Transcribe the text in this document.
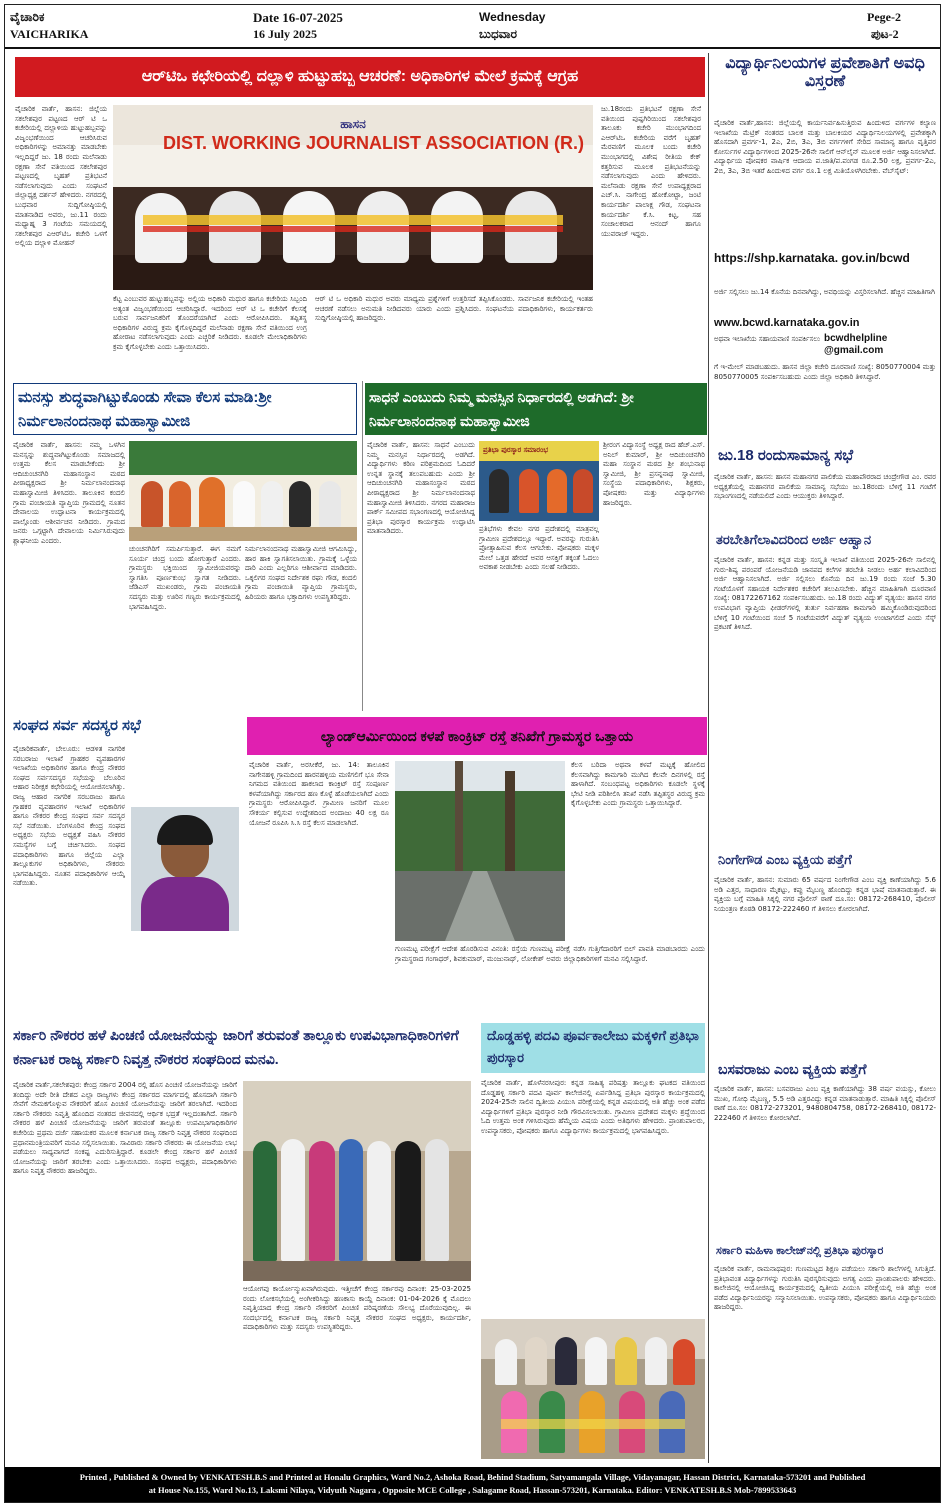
ವೈಚಾರಿಕ
VAICHARIKA
Date 16-07-2025
16 July 2025
Wednesday
ಬುಧವಾರ
Pege-2
ಪುಟ-2
ಆರ್‌ಟಿಒ ಕಛೇರಿಯಲ್ಲಿ ದಲ್ಲಾಳಿ ಹುಟ್ಟುಹಬ್ಬ ಆಚರಣೆ: ಅಧಿಕಾರಿಗಳ ಮೇಲೆ ಕ್ರಮಕ್ಕೆ ಆಗ್ರಹ
ವೈಚಾರಿಕ ವಾರ್ತೆ, ಹಾಸನ: ಜಿಲ್ಲೆಯ ಸಕಲೇಶಪುರ ಪಟ್ಟಣದ ಆರ್ ಟಿ ಒ ಕಚೇರಿಯಲ್ಲಿ ದಲ್ಲಾಳಿಯ ಹುಟ್ಟುಹಬ್ಬವನ್ನು ವಿಜೃಂಭಣೆಯಿಂದ ಆಚರಿಸಿರುವ ಅಧಿಕಾರಿಗಳನ್ನು ಅಮಾನತ್ತು ಮಾಡಬೇಕು ಇಲ್ಲದಿದ್ದರೆ ಜು. 18 ರಂದು ಮಲೆನಾಡು ರಕ್ಷಣಾ ಸೇನೆ ವತಿಯಿಂದ ಸಕಲೇಶಪುರ ಪಟ್ಟಣದಲ್ಲಿ ಬೃಹತ್ ಪ್ರತಿಭಟನೆ ನಡೆಸಲಾಗುವುದು ಎಂದು ಸಂಘಟನೆ ಜಿಲ್ಲಾಧ್ಯಕ್ಷ ದರ್ಶನ್ ಹೇಳಿದರು. ನಗರದಲ್ಲಿ ಬುಧವಾರ ಸುದ್ದಿಗೋಷ್ಠಿಯಲ್ಲಿ ಮಾತನಾಡಿದ ಅವರು, ಜು.11 ರಂದು ಮಧ್ಯಾಹ್ನ 3 ಗಂಟೆಯ ಸಮಯದಲ್ಲಿ ಸಕಲೇಶಪುರ ಎಆರ್‌ಟಿಒ ಕಚೇರಿ ಒಳಗೆ ಅಲ್ಲಿಯ ದಲ್ಲಾಳಿ ಮೋಹನ್
ಹಾಸನ
DIST. WORKING JOURNALIST ASSOCIATION (R.)
ಕೆಟ್ಟ ಎಂಬುವರ ಹುಟ್ಟುಹಬ್ಬವನ್ನು ಅಲ್ಲಿಯ ಅಧಿಕಾರಿ ಮಧುರ ಹಾಗೂ ಕಚೇರಿಯ ಸಿಬ್ಬಂದಿ ಅತ್ಯಂತ ವಿಜೃಂಭಣೆಯಿಂದ ಆಚರಿಸಿದ್ದಾರೆ. ಇದರಿಂದ ಆರ್ ಟಿ ಒ ಕಚೇರಿಗೆ ಕೆಲಸಕ್ಕೆ ಬರುವ ಸಾರ್ವಜನಿಕರಿಗೆ ತೊಂದರೆಯಾಗಿದೆ ಎಂದು ಆರೋಪಿಸಿದರು. ತಪ್ಪಿತಸ್ಥ ಅಧಿಕಾರಿಗಳ ವಿರುದ್ಧ ಕ್ರಮ ಕೈಗೊಳ್ಳದಿದ್ದರೆ ಮಲೆನಾಡು ರಕ್ಷಣಾ ಸೇನೆ ವತಿಯಿಂದ ಉಗ್ರ ಹೋರಾಟ ನಡೆಸಲಾಗುವುದು ಎಂದು ಎಚ್ಚರಿಕೆ ನೀಡಿದರು. ಕೂಡಲೇ ಮೇಲಾಧಿಕಾರಿಗಳು ಕ್ರಮ ಕೈಗೊಳ್ಳಬೇಕು ಎಂದು ಒತ್ತಾಯಿಸಿದರು.
ಆರ್ ಟಿ ಒ ಅಧಿಕಾರಿ ಮಧುರ ಅವರು ಮಾಧ್ಯಮ ಪ್ರಶ್ನೆಗಳಿಗೆ ಉತ್ತರಿಸದೆ ತಪ್ಪಿಸಿಕೊಂಡರು. ಸಾರ್ವಜನಿಕ ಕಚೇರಿಯಲ್ಲಿ ಇಂತಹ ಆಚರಣೆ ನಡೆಸಲು ಅನುಮತಿ ನೀಡಿದವರು ಯಾರು ಎಂದು ಪ್ರಶ್ನಿಸಿದರು. ಸಂಘಟನೆಯ ಪದಾಧಿಕಾರಿಗಳು, ಕಾರ್ಯಕರ್ತರು ಸುದ್ದಿಗೋಷ್ಠಿಯಲ್ಲಿ ಹಾಜರಿದ್ದರು.
ಜು.18ರಂದು ಪ್ರತಿಭಟನೆ ರಕ್ಷಣಾ ಸೇನೆ ವತಿಯಿಂದ ಪುಷ್ಪಗಿರಿಯಿಂದ ಸಕಲೇಶಪುರ ತಾಲೂಕು ಕಚೇರಿ ಮುಂಭಾಗದಿಂದ ಎಆರ್‌ಟಿಒ ಕಚೇರಿಯ ವರೆಗೆ ಬೃಹತ್ ಮೆರವಣಿಗೆ ಮೂಲಕ ಬಂದು ಕಚೇರಿ ಮುಂಭಾಗದಲ್ಲಿ ವಿಶೇಷ ರೀತಿಯ ಕೇಕ್ ಕತ್ತರಿಸುವ ಮೂಲಕ ಪ್ರತಿಭಟನೆಯನ್ನು ನಡೆಸಲಾಗುವುದು ಎಂದು ಹೇಳಿದರು. ಮಲೆನಾಡು ರಕ್ಷಣಾ ಸೇನೆ ಉಪಾಧ್ಯಕ್ಷರಾದ ಎಚ್.ಸಿ. ನಾಗೇಂದ್ರ ಹೋಕೋಟ್ಟಾ, ಜಂಟಿ ಕಾರ್ಯದರ್ಶಿ ಪಾಲಾಕ್ಷ ಗೌಡ, ಸಂಘಟನಾ ಕಾರ್ಯದರ್ಶಿ ಕೆ.ಸಿ. ಕಿಟ್ಟ, ಸಹ ಸಂಚಾಲಕರಾದ ಆನಂದ್ ಹಾಗೂ ಯುವರಾಜ್ ಇದ್ದರು.
ವಿದ್ಯಾರ್ಥಿನಿಲಯಗಳ ಪ್ರವೇಶಾತಿಗೆ ಅವಧಿ ವಿಸ್ತರಣೆ
ವೈಚಾರಿಕ ವಾರ್ತೆ,ಹಾಸನ: ಜಿಲ್ಲೆಯಲ್ಲಿ ಕಾರ್ಯನಿರ್ವಹಿಸುತ್ತಿರುವ ಹಿಂದುಳಿದ ವರ್ಗಗಳ ಕಲ್ಯಾಣ ಇಲಾಖೆಯ ಮೆಟ್ರಿಕ್ ನಂತರದ ಬಾಲಕ ಮತ್ತು ಬಾಲಕಿಯರ ವಿದ್ಯಾರ್ಥಿನಿಲಯಗಳಲ್ಲಿ ಪ್ರವೇಶಕ್ಕಾಗಿ ಹೊಸದಾಗಿ ಪ್ರವರ್ಗ-1, 2ಎ, 2ಬಿ, 3ಎ, 3ಬಿ ವರ್ಗಗಳಿಗೆ ಸೇರಿದ ಸಾಮಾನ್ಯ ಹಾಗೂ ವೃತ್ತಿಪರ ಕೋರ್ಸುಗಳ ವಿದ್ಯಾರ್ಥಿಗಳಿಂದ 2025-26ನೇ ಸಾಲಿಗೆ ಆನ್‌ಲೈನ್ ಮೂಲಕ ಅರ್ಜಿ ಆಹ್ವಾನಿಸಲಾಗಿದೆ. ವಿದ್ಯಾರ್ಥಿಯ ಪೋಷಕರ ವಾರ್ಷಿಕ ಆದಾಯ ಪ.ಜಾತಿ/ಪ.ಪಂಗಡ ರೂ.2.50 ಲಕ್ಷ, ಪ್ರವರ್ಗ-2ಎ, 2ಬಿ, 3ಎ, 3ಬಿ ಇತರೆ ಹಿಂದುಳಿದ ವರ್ಗ ರೂ.1 ಲಕ್ಷ ಮಿತಿಯೊಳಗಿರಬೇಕು. ವೆಬ್‌ಸೈಟ್:
https://shp.karnataka. gov.in/bcwd
ಅರ್ಜಿ ಸಲ್ಲಿಸಲು ಜು.14 ಕೊನೆಯ ದಿನವಾಗಿದ್ದು, ಅವಧಿಯನ್ನು ವಿಸ್ತರಿಸಲಾಗಿದೆ. ಹೆಚ್ಚಿನ ಮಾಹಿತಿಗಾಗಿ
www.bcwd.karnataka.gov.in
ಅಥವಾ ಇಲಾಖೆಯ ಸಹಾಯವಾಣಿ ಸಂಪರ್ಕಿಸಲು bcwdhelpline @gmail.com
ಗೆ ಇ-ಮೇಲ್ ಮಾಡಬಹುದು. ಹಾಸನ ಜಿಲ್ಲಾ ಕಚೇರಿ ದೂರವಾಣಿ ಸಂಖ್ಯೆ: 8050770004 ಮತ್ತು 8050770005 ಸಂಪರ್ಕಿಸಬಹುದು ಎಂದು ಜಿಲ್ಲಾ ಅಧಿಕಾರಿ ತಿಳಿಸಿದ್ದಾರೆ.
ಜು.18 ರಂದುಸಾಮಾನ್ಯ ಸಭೆ
ವೈಚಾರಿಕ ವಾರ್ತೆ, ಹಾಸನ: ಹಾಸನ ಮಹಾನಗರ ಪಾಲಿಕೆಯ ಮಹಾಪೌರರಾದ ಚಂದ್ರೇಗೌಡ ಎಂ. ರವರ ಅಧ್ಯಕ್ಷತೆಯಲ್ಲಿ ಮಹಾನಗರ ಪಾಲಿಕೆಯ ಸಾಮಾನ್ಯ ಸಭೆಯು ಜು.18ರಂದು ಬೆಳಿಗ್ಗೆ 11 ಗಂಟೆಗೆ ಸಭಾಂಗಣದಲ್ಲಿ ನಡೆಯಲಿದೆ ಎಂದು ಆಯುಕ್ತರು ತಿಳಿಸಿದ್ದಾರೆ.
ತರಬೇತಿಗೆಲಾವಿದರಿಂದ ಅರ್ಜಿ ಆಹ್ವಾನ
ವೈಚಾರಿಕ ವಾರ್ತೆ, ಹಾಸನ: ಕನ್ನಡ ಮತ್ತು ಸಂಸ್ಕೃತಿ ಇಲಾಖೆ ವತಿಯಿಂದ 2025-26ನೇ ಸಾಲಿನಲ್ಲಿ ಗುರು-ಶಿಷ್ಯ ಪರಂಪರೆ ಯೋಜನೆಯಡಿ ಜಾನಪದ ಕಲೆಗಳ ತರಬೇತಿ ನೀಡಲು ಅರ್ಹ ಕಲಾವಿದರಿಂದ ಅರ್ಜಿ ಆಹ್ವಾನಿಸಲಾಗಿದೆ. ಅರ್ಜಿ ಸಲ್ಲಿಸಲು ಕೊನೆಯ ದಿನ ಜು.19 ರಂದು ಸಂಜೆ 5.30 ಗಂಟೆಯೊಳಗೆ ಸಹಾಯಕ ನಿರ್ದೇಶಕರ ಕಚೇರಿಗೆ ತಲುಪಿಸಬೇಕು. ಹೆಚ್ಚಿನ ಮಾಹಿತಿಗಾಗಿ ದೂರವಾಣಿ ಸಂಖ್ಯೆ: 08172267162 ಸಂಪರ್ಕಿಸಬಹುದು. ಜು.18 ರಂದು ವಿದ್ಯುತ್ ವ್ಯತ್ಯಯ: ಹಾಸನ ನಗರ ಉಪವಿಭಾಗ ವ್ಯಾಪ್ತಿಯ ಫೀಡರ್‌ಗಳಲ್ಲಿ ತುರ್ತು ನಿರ್ವಹಣಾ ಕಾಮಗಾರಿ ಹಮ್ಮಿಕೊಂಡಿರುವುದರಿಂದ ಬೆಳಿಗ್ಗೆ 10 ಗಂಟೆಯಿಂದ ಸಂಜೆ 5 ಗಂಟೆಯವರೆಗೆ ವಿದ್ಯುತ್ ವ್ಯತ್ಯಯ ಉಂಟಾಗಲಿದೆ ಎಂದು ಸೆಸ್ಕ್ ಪ್ರಕಟಣೆ ತಿಳಿಸಿದೆ.
ನಿಂಗೇಗೌಡ ಎಂಬ ವ್ಯಕ್ತಿಯ ಪತ್ತೆಗೆ
ವೈಚಾರಿಕ ವಾರ್ತೆ, ಹಾಸನ: ಸುಮಾರು 65 ವರ್ಷದ ನಿಂಗೇಗೌಡ ಎಂಬ ವ್ಯಕ್ತಿ ಕಾಣೆಯಾಗಿದ್ದು 5.6 ಅಡಿ ಎತ್ತರ, ಸಾಧಾರಣ ಮೈಕಟ್ಟು, ಕಪ್ಪು ಮೈಬಣ್ಣ ಹೊಂದಿದ್ದು ಕನ್ನಡ ಭಾಷೆ ಮಾತನಾಡುತ್ತಾರೆ. ಈ ವ್ಯಕ್ತಿಯ ಬಗ್ಗೆ ಮಾಹಿತಿ ಸಿಕ್ಕಲ್ಲಿ ನಗರ ಪೊಲೀಸ್ ಠಾಣೆ ದೂ.ಸಂ: 08172-268410, ಪೊಲೀಸ್ ನಿಯಂತ್ರಣ ಕೊಠಡಿ 08172-222460 ಗೆ ತಿಳಿಸಲು ಕೋರಲಾಗಿದೆ.
ಬಸವರಾಜು ಎಂಬ ವ್ಯಕ್ತಿಯ ಪತ್ತೆಗೆ
ವೈಚಾರಿಕ ವಾರ್ತೆ, ಹಾಸನ: ಬಸವರಾಜು ಎಂಬ ವ್ಯಕ್ತಿ ಕಾಣೆಯಾಗಿದ್ದು 38 ವರ್ಷ ವಯಸ್ಸು, ಕೋಲು ಮುಖ, ಗೋಧಿ ಮೈಬಣ್ಣ, 5.5 ಅಡಿ ಎತ್ತರವಿದ್ದು ಕನ್ನಡ ಮಾತನಾಡುತ್ತಾರೆ. ಮಾಹಿತಿ ಸಿಕ್ಕಲ್ಲಿ ಪೊಲೀಸ್ ಠಾಣೆ ದೂ.ಸಂ: 08172-273201, 9480804758, 08172-268410, 08172-222460 ಗೆ ತಿಳಿಸಲು ಕೋರಲಾಗಿದೆ.
ಸರ್ಕಾರಿ ಮಹಿಳಾ ಕಾಲೇಜ್‌ನಲ್ಲಿ ಪ್ರತಿಭಾ ಪುರಸ್ಕಾರ
ವೈಚಾರಿಕ ವಾರ್ತೆ, ರಾಮನಾಥಪುರ: ಗುಣಮಟ್ಟದ ಶಿಕ್ಷಣ ಪಡೆಯಲು ಸರ್ಕಾರಿ ಶಾಲೆಗಳಲ್ಲಿ ಸಿಗುತ್ತಿದೆ. ಪ್ರತಿಭಾವಂತ ವಿದ್ಯಾರ್ಥಿಗಳನ್ನು ಗುರುತಿಸಿ ಪುರಸ್ಕರಿಸುವುದು ಅಗತ್ಯ ಎಂದು ಪ್ರಾಂಶುಪಾಲರು ಹೇಳಿದರು. ಕಾಲೇಜಿನಲ್ಲಿ ಆಯೋಜಿಸಿದ್ದ ಕಾರ್ಯಕ್ರಮದಲ್ಲಿ ದ್ವಿತೀಯ ಪಿಯುಸಿ ಪರೀಕ್ಷೆಯಲ್ಲಿ ಅತಿ ಹೆಚ್ಚು ಅಂಕ ಪಡೆದ ವಿದ್ಯಾರ್ಥಿನಿಯರನ್ನು ಸನ್ಮಾನಿಸಲಾಯಿತು. ಉಪನ್ಯಾಸಕರು, ಪೋಷಕರು ಹಾಗೂ ವಿದ್ಯಾರ್ಥಿನಿಯರು ಹಾಜರಿದ್ದರು.
ಮನಸ್ಸು ಶುದ್ಧವಾಗಿಟ್ಟುಕೊಂಡು ಸೇವಾ ಕೆಲಸ ಮಾಡಿ:ಶ್ರೀ ನಿರ್ಮಲಾನಂದನಾಥ ಮಹಾಸ್ವಾಮೀಜಿ
ವೈಚಾರಿಕ ವಾರ್ತೆ, ಹಾಸನ: ನಮ್ಮ ಒಳಗಿನ ಮನಸ್ಸನ್ನು ಶುದ್ಧವಾಗಿಟ್ಟುಕೊಂಡು ಸಮಾಜದಲ್ಲಿ ಉತ್ತಮ ಕೆಲಸ ಮಾಡಬೇಕೆಂದು ಶ್ರೀ ಆದಿಚುಂಚನಗಿರಿ ಮಹಾಸಂಸ್ಥಾನ ಮಠದ ಪೀಠಾಧ್ಯಕ್ಷರಾದ ಶ್ರೀ ನಿರ್ಮಲಾನಂದನಾಥ ಮಹಾಸ್ವಾಮೀಜಿ ತಿಳಿಸಿದರು. ತಾಲೂಕಿನ ಕಂದಲಿ ಗ್ರಾಮ ಪಂಚಾಯತಿ ವ್ಯಾಪ್ತಿಯ ಗ್ರಾಮದಲ್ಲಿ ನೂತನ ದೇವಾಲಯ ಉದ್ಘಾಟನಾ ಕಾರ್ಯಕ್ರಮದಲ್ಲಿ ಪಾಲ್ಗೊಂಡು ಆಶೀರ್ವಚನ ನೀಡಿದರು. ಗ್ರಾಮದ ಜನರು ಒಗ್ಗಟ್ಟಾಗಿ ದೇವಾಲಯ ನಿರ್ಮಿಸಿರುವುದು ಶ್ಲಾಘನೀಯ ಎಂದರು.
ಚುಂಚನಗಿರಿಗೆ ಸಮರ್ಪಿಸುತ್ತಾರೆ. ಈಗ ನಮಗೆ ಸೂರ್ಯ ಚಂದ್ರ ಬಂದು ಹೋಗುತ್ತಾರೆ ಎಂದರು. ಗ್ರಾಮಸ್ಥರು ಭಕ್ತಿಯಿಂದ ಸ್ವಾಮೀಜಿಯವರನ್ನು ಸ್ವಾಗತಿಸಿ ಪೂರ್ಣಕುಂಭ ಸ್ವಾಗತ ನೀಡಿದರು. ಜೆಡಿಎಸ್ ಮುಖಂಡರು, ಗ್ರಾಮ ಪಂಚಾಯತಿ ಸದಸ್ಯರು ಮತ್ತು ಊರಿನ ಗಣ್ಯರು ಕಾರ್ಯಕ್ರಮದಲ್ಲಿ ಭಾಗವಹಿಸಿದ್ದರು.
ನಿರ್ಮಲಾನಂದನಾಥ ಮಹಾಸ್ವಾಮೀಜಿ ಆಗಮಿಸಿದ್ದು, ಹಾರ ಹಾಕಿ ಸ್ವಾಗತಿಸಲಾಯಿತು. ಗ್ರಾಮಕ್ಕೆ ಒಳ್ಳೆಯ ದಾರಿ ಎಂದು ಎಲ್ಲರಿಗೂ ಆಶೀರ್ವಾದ ಮಾಡಿದರು. ಒಕ್ಕಲಿಗರ ಸಂಘದ ನಿರ್ದೇಶಕ ರಘು ಗೌಡ, ಕಂದಲಿ ಗ್ರಾಮ ಪಂಚಾಯಿತಿ ವ್ಯಾಪ್ತಿಯ ಗ್ರಾಮಸ್ಥರು, ಹಿರಿಯರು ಹಾಗೂ ಭಕ್ತಾದಿಗಳು ಉಪಸ್ಥಿತರಿದ್ದರು.
ಸಾಧನೆ ಎಂಬುದು ನಿಮ್ಮ ಮನಸ್ಸಿನ ನಿರ್ಧಾರದಲ್ಲಿ ಅಡಗಿದೆ: ಶ್ರೀ ನಿರ್ಮಲಾನಂದನಾಥ ಮಹಾಸ್ವಾಮೀಜಿ
ವೈಚಾರಿಕ ವಾರ್ತೆ, ಹಾಸನ: ಸಾಧನೆ ಎಂಬುದು ನಿಮ್ಮ ಮನಸ್ಸಿನ ನಿರ್ಧಾರದಲ್ಲಿ ಅಡಗಿದೆ. ವಿದ್ಯಾರ್ಥಿಗಳು ಕಠಿಣ ಪರಿಶ್ರಮದಿಂದ ಓದಿದರೆ ಉನ್ನತ ಸ್ಥಾನಕ್ಕೆ ತಲುಪಬಹುದು ಎಂದು ಶ್ರೀ ಆದಿಚುಂಚನಗಿರಿ ಮಹಾಸಂಸ್ಥಾನ ಮಠದ ಪೀಠಾಧ್ಯಕ್ಷರಾದ ಶ್ರೀ ನಿರ್ಮಲಾನಂದನಾಥ ಮಹಾಸ್ವಾಮೀಜಿ ತಿಳಿಸಿದರು. ನಗರದ ಮಹಾರಾಜ ಪಾರ್ಕ್ ಸಮೀಪದ ಸಭಾಂಗಣದಲ್ಲಿ ಆಯೋಜಿಸಿದ್ದ ಪ್ರತಿಭಾ ಪುರಸ್ಕಾರ ಕಾರ್ಯಕ್ರಮ ಉದ್ಘಾಟಿಸಿ ಮಾತನಾಡಿದರು.
ಪ್ರತಿಭಾ ಪುರಸ್ಕಾರ ಸಮಾರಂಭ
ಪ್ರತಿಭೆಗಳು ಕೇವಲ ನಗರ ಪ್ರದೇಶದಲ್ಲಿ ಮಾತ್ರವಲ್ಲ ಗ್ರಾಮೀಣ ಪ್ರದೇಶದಲ್ಲೂ ಇದ್ದಾರೆ. ಅವರನ್ನು ಗುರುತಿಸಿ ಪ್ರೋತ್ಸಾಹಿಸುವ ಕೆಲಸ ಆಗಬೇಕು. ಪೋಷಕರು ಮಕ್ಕಳ ಮೇಲೆ ಒತ್ತಡ ಹೇರದೆ ಅವರ ಆಸಕ್ತಿಗೆ ತಕ್ಕಂತೆ ಓದಲು ಅವಕಾಶ ನೀಡಬೇಕು ಎಂದು ಸಲಹೆ ನೀಡಿದರು.
ಶ್ರೀರಂಗ ವಿದ್ಯಾಸಂಸ್ಥೆ ಅಧ್ಯಕ್ಷ ರಾದ ಹೆಚ್.ಎಸ್. ಅನಿಲ್ ಕುಮಾರ್, ಶ್ರೀ ಆದಿಚುಂಚನಗಿರಿ ಮಹಾ ಸಂಸ್ಥಾನ ಮಠದ ಶ್ರೀ ಶಂಭುನಾಥ ಸ್ವಾಮೀಜಿ, ಶ್ರೀ ಪ್ರಸನ್ನನಾಥ ಸ್ವಾಮೀಜಿ, ಸಂಸ್ಥೆಯ ಪದಾಧಿಕಾರಿಗಳು, ಶಿಕ್ಷಕರು, ಪೋಷಕರು ಮತ್ತು ವಿದ್ಯಾರ್ಥಿಗಳು ಹಾಜರಿದ್ದರು.
ಸಂಘದ ಸರ್ವ ಸದಸ್ಯರ ಸಭೆ
ವೈಚಾರಿಕವಾರ್ತೆ, ಬೇಲೂರು: ಆಡಳಿತ ನಾಗರಿಕ ಸರಬರಾಜು ಇಲಾಖೆ ಗ್ರಾಹಕರ ವ್ಯವಹಾರಗಳ ಇಲಾಖೆಯ ಅಧಿಕಾರಿಗಳ ಹಾಗೂ ಕೇಂದ್ರ ನೌಕರರ ಸಂಘದ ಸರ್ವಸದಸ್ಯರ ಸಭೆಯನ್ನು ಬೆಲೂರಿನ ಆಹಾರ ನಿರೀಕ್ಷಕ ಕಛೇರಿಯಲ್ಲಿ ಆಯೋಜಿಸಲಾಗಿತ್ತು. ರಾಜ್ಯ ಆಹಾರ ನಾಗರಿಕ ಸರಬರಾಜು ಹಾಗೂ ಗ್ರಾಹಕರ ವ್ಯವಹಾರಗಳ ಇಲಾಖೆ ಅಧಿಕಾರಿಗಳ ಹಾಗೂ ನೌಕರರ ಕೇಂದ್ರ ಸಂಘದ ಸರ್ವ ಸದಸ್ಯರ ಸಭೆ ನಡೆಯಿತು. ಬೆಂಗಳೂರಿನ ಕೇಂದ್ರ ಸಂಘದ ಅಧ್ಯಕ್ಷರು ಸಭೆಯ ಅಧ್ಯಕ್ಷತೆ ವಹಿಸಿ ನೌಕರರ ಸಮಸ್ಯೆಗಳ ಬಗ್ಗೆ ಚರ್ಚಿಸಿದರು. ಸಂಘದ ಪದಾಧಿಕಾರಿಗಳು ಹಾಗೂ ಜಿಲ್ಲೆಯ ಎಲ್ಲಾ ತಾಲ್ಲೂಕುಗಳ ಅಧಿಕಾರಿಗಳು, ನೌಕರರು ಭಾಗವಹಿಸಿದ್ದರು. ನೂತನ ಪದಾಧಿಕಾರಿಗಳ ಆಯ್ಕೆ ನಡೆಯಿತು.
ಲ್ಯಾಂಡ್‌ಆರ್ಮಿಯಿಂದ ಕಳಪೆ ಕಾಂಕ್ರಿಟ್ ರಸ್ತೆ ತನಿಖೆಗೆ ಗ್ರಾಮಸ್ಥರ ಒತ್ತಾಯ
ವೈಚಾರಿಕ ವಾರ್ತೆ, ಅರಸೀಕೆರೆ, ಜು. 14: ತಾಲೂಕಿನ ನಾಗೇನಹಳ್ಳಿ ಗ್ರಾಮದಿಂದ ಹಾರನಹಳ್ಳಿಯ ಮಣಿಗಲಿಗೆ ಭೂ ಸೇನಾ ನಿಗಮದ ವತಿಯಿಂದ ಹಾಕಲಾದ ಕಾಂಕ್ರಿಟ್ ರಸ್ತೆ ಸಂಪೂರ್ಣ ಕಳಪೆಯಾಗಿದ್ದು ಸರ್ಕಾರದ ಹಣ ಕೊಳ್ಳೆ ಹೊಡೆಯಲಾಗಿದೆ ಎಂದು ಗ್ರಾಮಸ್ಥರು ಆರೋಪಿಸಿದ್ದಾರೆ. ಗ್ರಾಮೀಣ ಜನರಿಗೆ ಮೂಲ ಸೌಕರ್ಯ ಕಲ್ಪಿಸುವ ಉದ್ದೇಶದಿಂದ ಅಂದಾಜು 40 ಲಕ್ಷ ರೂ ಯೋಜನೆ ರೂಪಿಸಿ ಸಿ.ಸಿ ರಸ್ತೆ ಕೆಲಸ ಮಾಡಲಾಗಿದೆ.
ಕೆಲಸ ಬರಿದಾ ಅಥವಾ ಕಳಪೆ ಮಟ್ಟಕ್ಕೆ ಹೋಲಿದ ಕೆಲಸವಾಗಿದ್ದು ಕಾಮಗಾರಿ ಮುಗಿದ ಕೆಲವೇ ದಿನಗಳಲ್ಲಿ ರಸ್ತೆ ಹಾಳಾಗಿದೆ. ಸಂಬಂಧಪಟ್ಟ ಅಧಿಕಾರಿಗಳು ಕೂಡಲೇ ಸ್ಥಳಕ್ಕೆ ಭೇಟಿ ನೀಡಿ ಪರಿಶೀಲಿಸಿ ತನಿಖೆ ನಡೆಸಿ ತಪ್ಪಿತಸ್ಥರ ವಿರುದ್ಧ ಕ್ರಮ ಕೈಗೊಳ್ಳಬೇಕು ಎಂದು ಗ್ರಾಮಸ್ಥರು ಒತ್ತಾಯಿಸಿದ್ದಾರೆ.
ಗುಣಮಟ್ಟ ಪರೀಕ್ಷೆಗೆ ಆದೇಶ ಹೊರಡಿಸುವ ವಿನಂತಿ: ರಸ್ತೆಯ ಗುಣಮಟ್ಟ ಪರೀಕ್ಷೆ ನಡೆಸಿ ಗುತ್ತಿಗೆದಾರರಿಗೆ ಬಿಲ್ ಪಾವತಿ ಮಾಡಬಾರದು ಎಂದು ಗ್ರಾಮಸ್ಥರಾದ ಗಂಗಾಧರ್, ಶಿವಕುಮಾರ್, ಮಂಜುನಾಥ್, ಲೋಕೇಶ್ ಅವರು ಜಿಲ್ಲಾಧಿಕಾರಿಗಳಿಗೆ ಮನವಿ ಸಲ್ಲಿಸಿದ್ದಾರೆ.
ಸರ್ಕಾರಿ ನೌಕರರ ಹಳೆ ಪಿಂಚಣಿ ಯೋಜನೆಯನ್ನು ಜಾರಿಗೆ ತರುವಂತೆ ತಾಲ್ಲೂಕು ಉಪವಿಭಾಗಾಧಿಕಾರಿಗಳಿಗೆ ಕರ್ನಾಟಕ ರಾಜ್ಯ ಸರ್ಕಾರಿ ನಿವೃತ್ತ ನೌಕರರ ಸಂಘದಿಂದ ಮನವಿ.
ವೈಚಾರಿಕ ವಾರ್ತೆ,ಸಕಲೇಶಪುರ: ಕೇಂದ್ರ ಸರ್ಕಾರ 2004 ರಲ್ಲಿ ಹೊಸ ಪಿಂಚಣಿ ಯೋಜನೆಯನ್ನು ಜಾರಿಗೆ ತಂದಿದ್ದು ಅದೇ ರೀತಿ ದೇಶದ ಎಲ್ಲಾ ರಾಜ್ಯಗಳು ಕೇಂದ್ರ ಸರ್ಕಾರದ ಮಾರ್ಗದಲ್ಲಿ ಹೊಸದಾಗಿ ಸರ್ಕಾರಿ ಸೇವೆಗೆ ನೇಮಕಗೊಳ್ಳುವ ನೌಕರರಿಗೆ ಹೊಸ ಪಿಂಚಣಿ ಯೋಜನೆಯನ್ನು ಜಾರಿಗೆ ತರಲಾಗಿದೆ. ಇದರಿಂದ ಸರ್ಕಾರಿ ನೌಕರರು ನಿವೃತ್ತಿ ಹೊಂದಿದ ನಂತರದ ಜೀವನದಲ್ಲಿ ಆರ್ಥಿಕ ಭದ್ರತೆ ಇಲ್ಲದಂತಾಗಿದೆ. ಸರ್ಕಾರಿ ನೌಕರರ ಹಳೆ ಪಿಂಚಣಿ ಯೋಜನೆಯನ್ನು ಜಾರಿಗೆ ತರುವಂತೆ ತಾಲ್ಲೂಕು ಉಪವಿಭಾಗಾಧಿಕಾರಿಗಳ ಕಚೇರಿಯ ಪ್ರಥಮ ದರ್ಜೆ ಸಹಾಯಕರ ಮೂಲಕ ಕರ್ನಾಟಕ ರಾಜ್ಯ ಸರ್ಕಾರಿ ನಿವೃತ್ತ ನೌಕರರ ಸಂಘದಿಂದ ಪ್ರಧಾನಮಂತ್ರಿಯವರಿಗೆ ಮನವಿ ಸಲ್ಲಿಸಲಾಯಿತು. ಸಾವಿರಾರು ಸರ್ಕಾರಿ ನೌಕರರು ಈ ಯೋಜನೆಯ ಲಾಭ ಪಡೆಯಲು ಸಾಧ್ಯವಾಗದೆ ಸಂಕಷ್ಟ ಎದುರಿಸುತ್ತಿದ್ದಾರೆ. ಕೂಡಲೇ ಕೇಂದ್ರ ಸರ್ಕಾರ ಹಳೆ ಪಿಂಚಣಿ ಯೋಜನೆಯನ್ನು ಜಾರಿಗೆ ತರಬೇಕು ಎಂದು ಒತ್ತಾಯಿಸಿದರು. ಸಂಘದ ಅಧ್ಯಕ್ಷರು, ಪದಾಧಿಕಾರಿಗಳು ಹಾಗೂ ನಿವೃತ್ತ ನೌಕರರು ಹಾಜರಿದ್ದರು.
ಆಯೋಗವು ಕಾರ್ಯೋನ್ಮುಖವಾಗಿರುವುದು. ಇತ್ತೀಚೆಗೆ ಕೇಂದ್ರ ಸರ್ಕಾರವು ದಿನಾಂಕ: 25-03-2025 ರಂದು ಲೋಕಸಭೆಯಲ್ಲಿ ಅಂಗೀಕರಿಸಿದ್ದು ಹಣಕಾಸು ಕಾಯ್ದೆ ದಿನಾಂಕ: 01-04-2026 ಕ್ಕೆ ಮೊದಲು ನಿವೃತ್ತಿಯಾದ ಕೇಂದ್ರ ಸರ್ಕಾರಿ ನೌಕರರಿಗೆ ಪಿಂಚಣಿ ಪರಿಷ್ಕರಣೆಯ ಸೌಲಭ್ಯ ದೊರೆಯುವುದಿಲ್ಲ. ಈ ಸಂದರ್ಭದಲ್ಲಿ ಕರ್ನಾಟಕ ರಾಜ್ಯ ಸರ್ಕಾರಿ ನಿವೃತ್ತ ನೌಕರರ ಸಂಘದ ಅಧ್ಯಕ್ಷರು, ಕಾರ್ಯದರ್ಶಿ, ಪದಾಧಿಕಾರಿಗಳು ಮತ್ತು ಸದಸ್ಯರು ಉಪಸ್ಥಿತರಿದ್ದರು.
ದೊಡ್ಡಹಳ್ಳಿ ಪದವಿ ಪೂರ್ವಕಾಲೇಜು ಮಕ್ಕಳಿಗೆ ಪ್ರತಿಭಾ ಪುರಸ್ಕಾರ
ವೈಚಾರಿಕ ವಾರ್ತೆ, ಹೊಳೆನರಸೀಪುರ: ಕನ್ನಡ ಸಾಹಿತ್ಯ ಪರಿಷತ್ತು ತಾಲ್ಲೂಕು ಘಟಕದ ವತಿಯಿಂದ ದೊಡ್ಡಹಳ್ಳಿ ಸರ್ಕಾರಿ ಪದವಿ ಪೂರ್ವ ಕಾಲೇಜಿನಲ್ಲಿ ಏರ್ಪಡಿಸಿದ್ದ ಪ್ರತಿಭಾ ಪುರಸ್ಕಾರ ಕಾರ್ಯಕ್ರಮದಲ್ಲಿ 2024-25ನೇ ಸಾಲಿನ ದ್ವಿತೀಯ ಪಿಯುಸಿ ಪರೀಕ್ಷೆಯಲ್ಲಿ ಕನ್ನಡ ವಿಷಯದಲ್ಲಿ ಅತಿ ಹೆಚ್ಚು ಅಂಕ ಪಡೆದ ವಿದ್ಯಾರ್ಥಿಗಳಿಗೆ ಪ್ರತಿಭಾ ಪುರಸ್ಕಾರ ನೀಡಿ ಗೌರವಿಸಲಾಯಿತು. ಗ್ರಾಮೀಣ ಪ್ರದೇಶದ ಮಕ್ಕಳು ಶ್ರದ್ಧೆಯಿಂದ ಓದಿ ಉತ್ತಮ ಅಂಕ ಗಳಿಸಿರುವುದು ಹೆಮ್ಮೆಯ ವಿಷಯ ಎಂದು ಅತಿಥಿಗಳು ಹೇಳಿದರು. ಪ್ರಾಂಶುಪಾಲರು, ಉಪನ್ಯಾಸಕರು, ಪೋಷಕರು ಹಾಗೂ ವಿದ್ಯಾರ್ಥಿಗಳು ಕಾರ್ಯಕ್ರಮದಲ್ಲಿ ಭಾಗವಹಿಸಿದ್ದರು.
Printed , Published & Owned by VENKATESH.B.S and Printed at Honalu Graphics, Ward No.2, Ashoka Road, Behind Stadium, Satyamangala Village, Vidayanagar, Hassan District, Karnataka-573201 and Published
at House No.155, Ward No.13, Laksmi Nilaya, Vidyuth Nagara , Opposite MCE College , Salagame Road, Hassan-573201, Karnataka. Editor: VENKATESH.B.S Mob-7899533643
